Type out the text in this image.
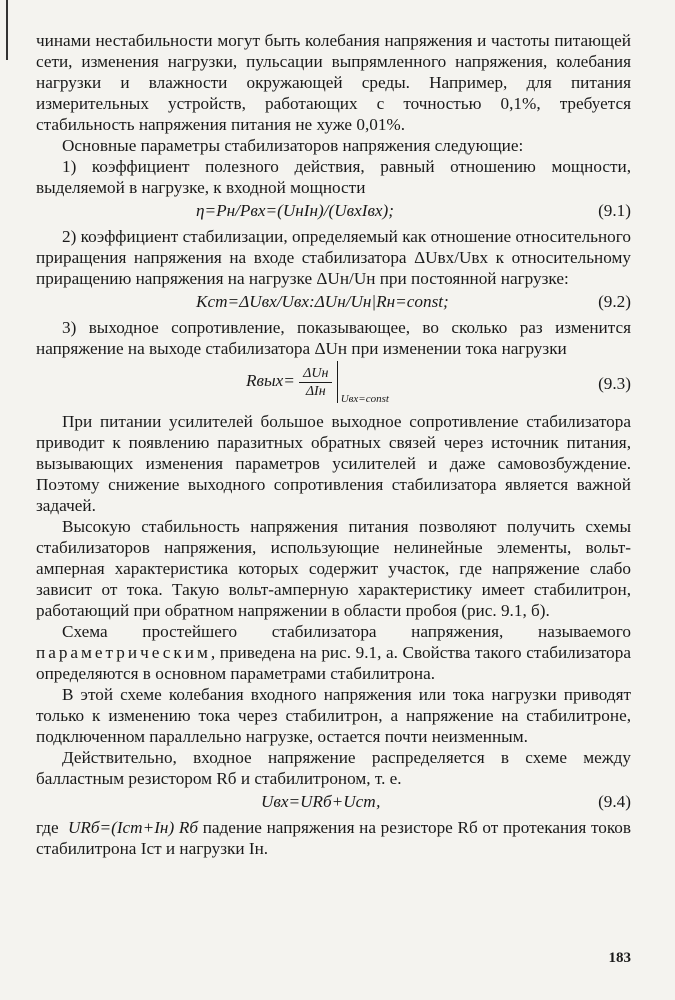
чинами нестабильности могут быть колебания напряжения и частоты питающей сети, изменения нагрузки, пульсации выпрямленного напряжения, колебания нагрузки и влажности окружающей среды. Например, для питания измерительных устройств, работающих с точностью 0,1%, требуется стабильность напряжения питания не хуже 0,01%.

Основные параметры стабилизаторов напряжения следующие:

1) коэффициент полезного действия, равный отношению мощности, выделяемой в нагрузке, к входной мощности

η=Pн/Pвх=(UнIн)/(UвхIвх);	(9.1)

2) коэффициент стабилизации, определяемый как отношение относительного приращения напряжения на входе стабилизатора ΔUвх/Uвх к относительному приращению напряжения на нагрузке ΔUн/Uн при постоянной нагрузке:

Kст=ΔUвх/Uвх:ΔUн/Uн|Rн=const;	(9.2)

3) выходное сопротивление, показывающее, во сколько раз изменится напряжение на выходе стабилизатора ΔUн при изменении тока нагрузки

Rвых= $\frac{\text{ΔUн}}{\text{ΔIн}}$
Uвх=const
(9.3)

При питании усилителей большое выходное сопротивление стабилизатора приводит к появлению паразитных обратных связей через источник питания, вызывающих изменения параметров усилителей и даже самовозбуждение. Поэтому снижение выходного сопротивления стабилизатора является важной задачей.

Высокую стабильность напряжения питания позволяют получить схемы стабилизаторов напряжения, использующие нелинейные элементы, вольт-амперная характеристика которых содержит участок, где напряжение слабо зависит от тока. Такую вольт-амперную характеристику имеет стабилитрон, работающий при обратном напряжении в области пробоя (рис. 9.1, б).

Схема простейшего стабилизатора напряжения, называемого параметрическим, приведена на рис. 9.1, а. Свойства такого стабилизатора определяются в основном параметрами стабилитрона.

В этой схеме колебания входного напряжения или тока нагрузки приводят только к изменению тока через стабилитрон, а напряжение на стабилитроне, подключенном параллельно нагрузке, остается почти неизменным.

Действительно, входное напряжение распределяется в схеме между балластным резистором Rб и стабилитроном, т. е.

Uвх=URб+Uст,	(9.4)

где URб=(Iст+Iн) Rб падение напряжения на резисторе Rб от протекания токов стабилитрона Iст и нагрузки Iн.

183
